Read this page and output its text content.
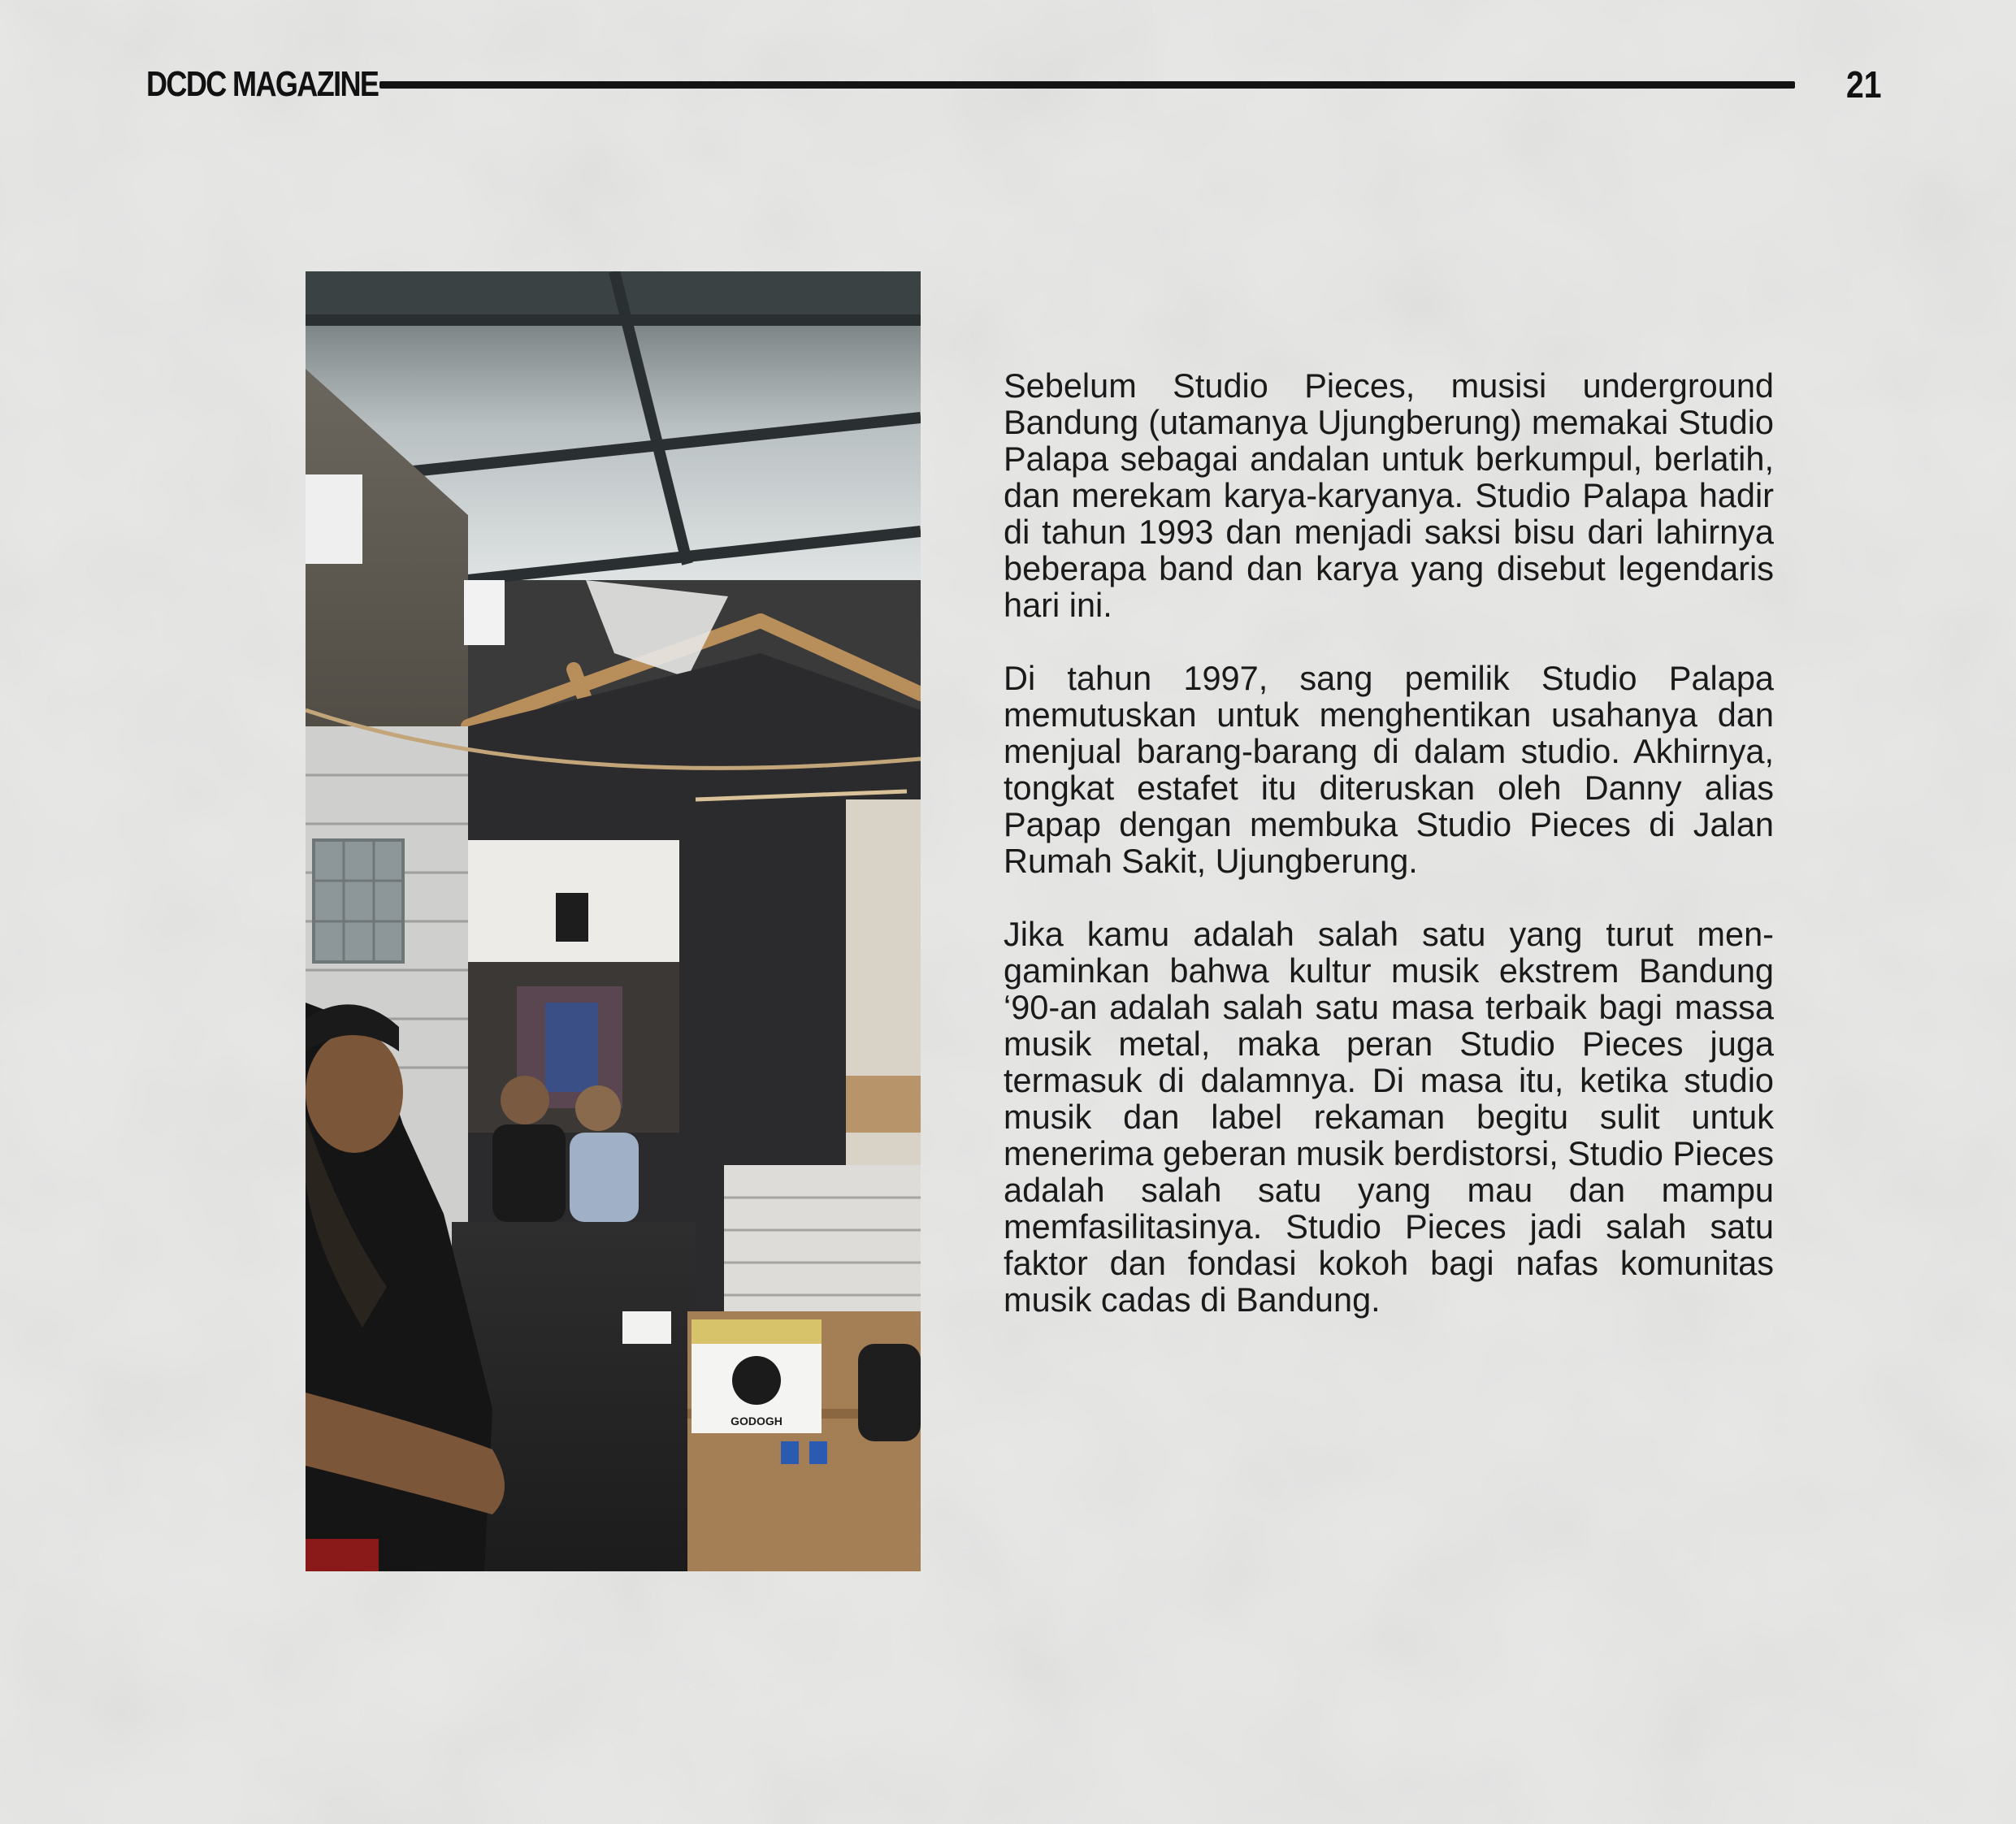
DCDC MAGAZINE	21
GODOGH

Sebelum Studio Pieces, musisi underground Bandung (utamanya Ujungberung) memakai Studio Palapa sebagai andalan untuk berkumpul, berlatih, dan merekam karya-karyanya. Studio Palapa hadir di tahun 1993 dan menjadi saksi bisu dari lahirnya beberapa band dan karya yang disebut legendaris hari ini.

Di tahun 1997, sang pemilik Studio Palapa memutuskan untuk menghentikan usahanya dan menjual barang-barang di dalam studio. Akhirnya, tongkat estafet itu diteruskan oleh Danny alias Papap dengan membuka Studio Pieces di Jalan Rumah Sakit, Ujungberung.

Jika kamu adalah salah satu yang turut mengaminkan bahwa kultur musik ekstrem Bandung ‘90-an adalah salah satu masa terbaik bagi massa musik metal, maka peran Studio Pieces juga termasuk di dalamnya. Di masa itu, ketika studio musik dan label rekaman begitu sulit untuk menerima geberan musik berdistorsi, Studio Pieces adalah salah satu yang mau dan mampu memfasilitasinya. Studio Pieces jadi salah satu faktor dan fondasi kokoh bagi nafas komunitas musik cadas di Bandung.
